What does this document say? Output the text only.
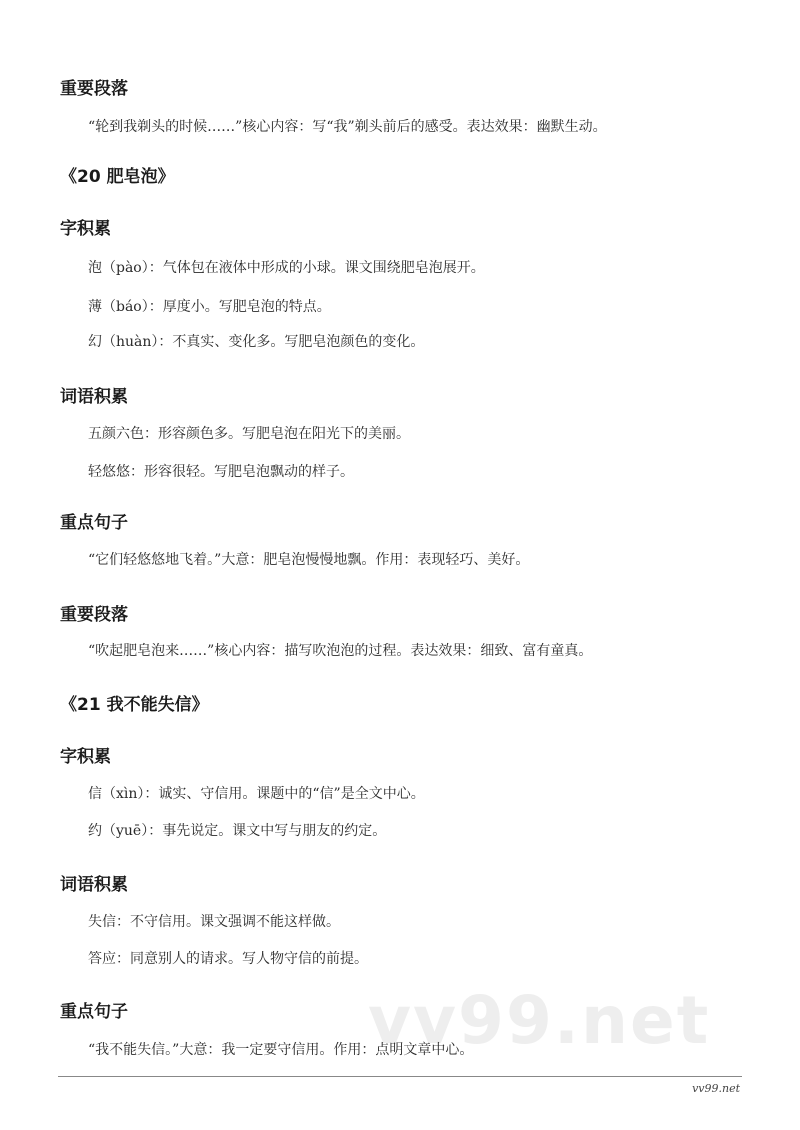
vv99.net
重要段落
“轮到我剃头的时候……”核心内容：写“我”剃头前后的感受。表达效果：幽默生动。
《20 肥皂泡》
字积累
泡（pào）：气体包在液体中形成的小球。课文围绕肥皂泡展开。
薄（báo）：厚度小。写肥皂泡的特点。
幻（huàn）：不真实、变化多。写肥皂泡颜色的变化。
词语积累
五颜六色：形容颜色多。写肥皂泡在阳光下的美丽。
轻悠悠：形容很轻。写肥皂泡飘动的样子。
重点句子
“它们轻悠悠地飞着。”大意：肥皂泡慢慢地飘。作用：表现轻巧、美好。
重要段落
“吹起肥皂泡来……”核心内容：描写吹泡泡的过程。表达效果：细致、富有童真。
《21 我不能失信》
字积累
信（xìn）：诚实、守信用。课题中的“信”是全文中心。
约（yuē）：事先说定。课文中写与朋友的约定。
词语积累
失信：不守信用。课文强调不能这样做。
答应：同意别人的请求。写人物守信的前提。
重点句子
“我不能失信。”大意：我一定要守信用。作用：点明文章中心。
vv99.net
